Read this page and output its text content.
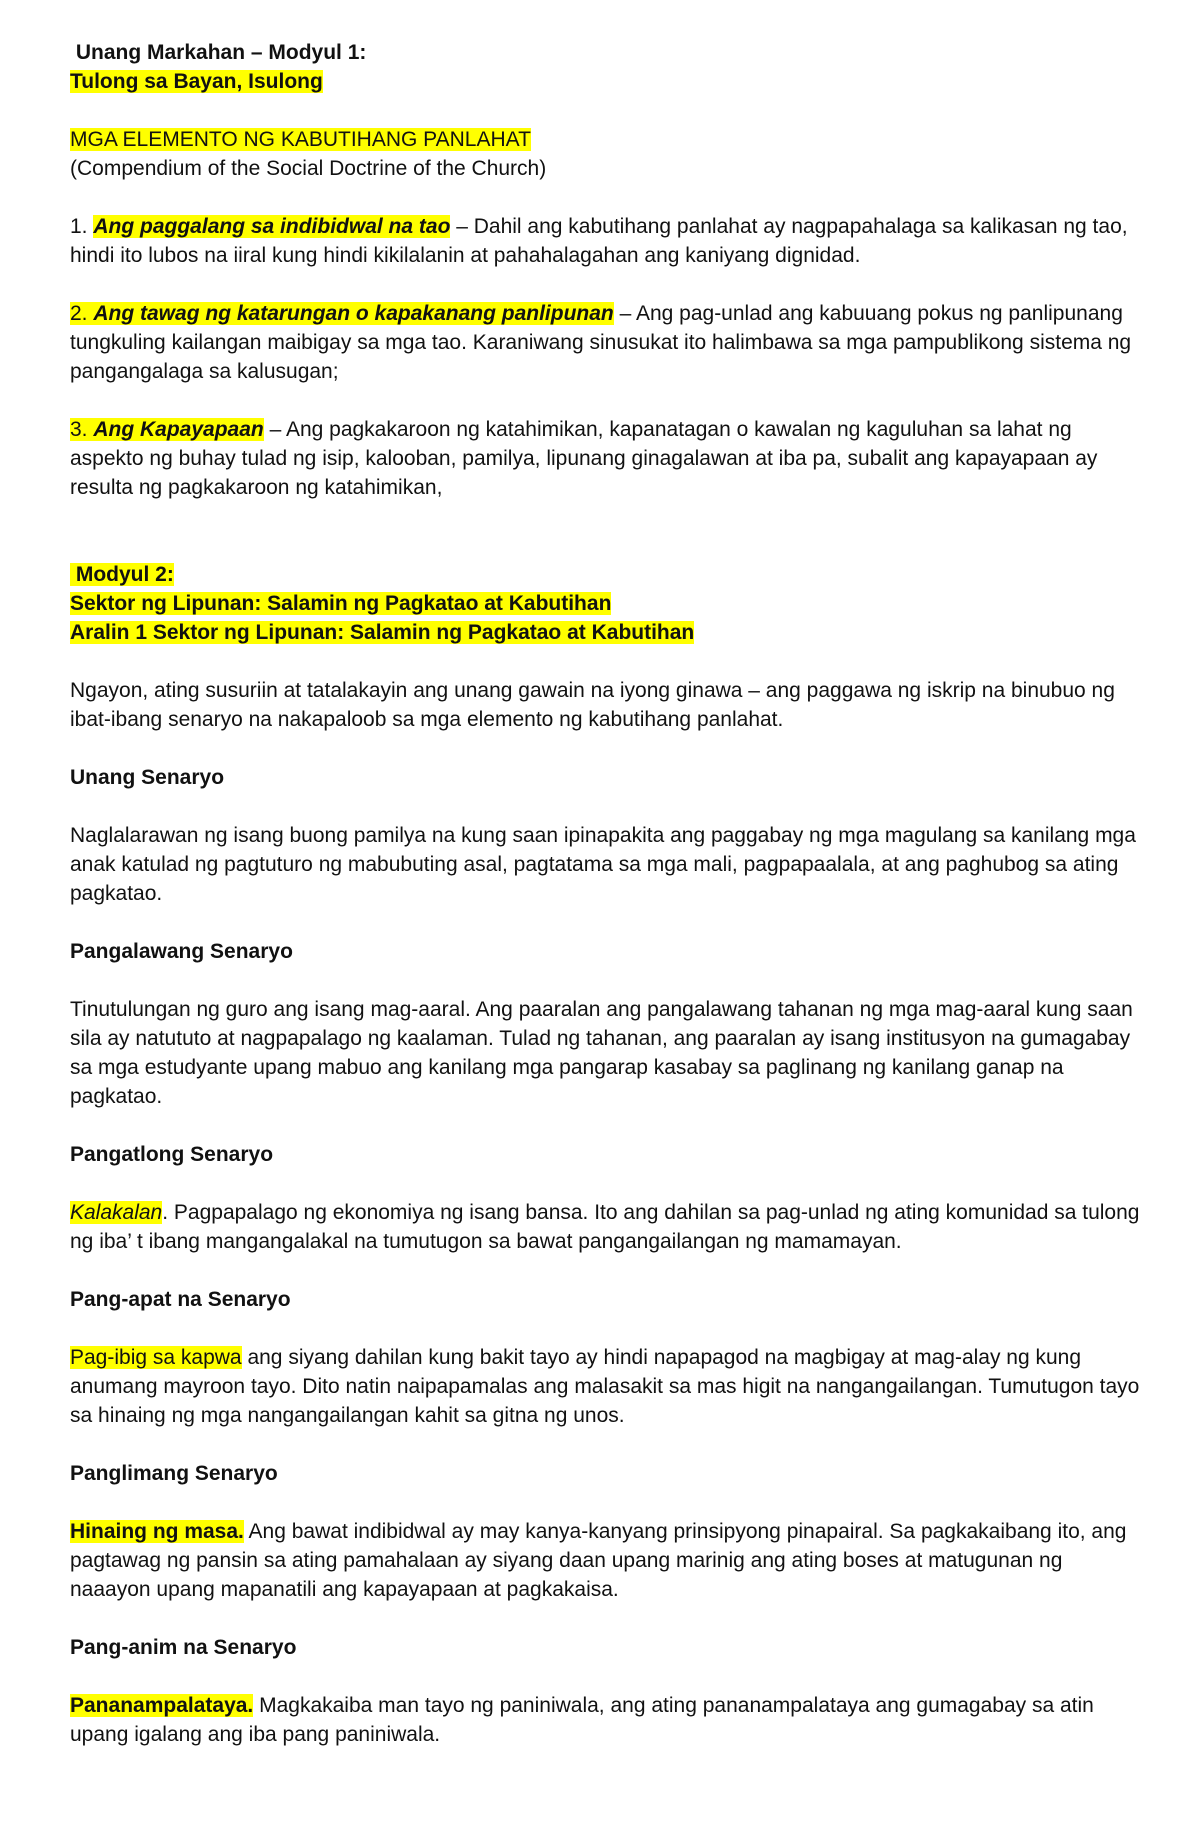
Unang Markahan – Modyul 1:

Tulong sa Bayan, Isulong

MGA ELEMENTO NG KABUTIHANG PANLAHAT

(Compendium of the Social Doctrine of the Church)

1. Ang paggalang sa indibidwal na tao – Dahil ang kabutihang panlahat ay nagpapahalaga sa kalikasan ng tao, hindi ito lubos na iiral kung hindi kikilalanin at pahahalagahan ang kaniyang dignidad.

2. Ang tawag ng katarungan o kapakanang panlipunan – Ang pag-unlad ang kabuuang pokus ng panlipunang tungkuling kailangan maibigay sa mga tao. Karaniwang sinusukat ito halimbawa sa mga pampublikong sistema ng pangangalaga sa kalusugan;

3. Ang Kapayapaan – Ang pagkakaroon ng katahimikan, kapanatagan o kawalan ng kaguluhan sa lahat ng aspekto ng buhay tulad ng isip, kalooban, pamilya, lipunang ginagalawan at iba pa, subalit ang kapayapaan ay resulta ng pagkakaroon ng katahimikan,

Modyul 2:

Sektor ng Lipunan: Salamin ng Pagkatao at Kabutihan

Aralin 1 Sektor ng Lipunan: Salamin ng Pagkatao at Kabutihan

Ngayon, ating susuriin at tatalakayin ang unang gawain na iyong ginawa – ang paggawa ng iskrip na binubuo ng ibat-ibang senaryo na nakapaloob sa mga elemento ng kabutihang panlahat.

Unang Senaryo

Naglalarawan ng isang buong pamilya na kung saan ipinapakita ang paggabay ng mga magulang sa kanilang mga anak katulad ng pagtuturo ng mabubuting asal, pagtatama sa mga mali, pagpapaalala, at ang paghubog sa ating pagkatao.

Pangalawang Senaryo

Tinutulungan ng guro ang isang mag-aaral. Ang paaralan ang pangalawang tahanan ng mga mag-aaral kung saan sila ay natututo at nagpapalago ng kaalaman. Tulad ng tahanan, ang paaralan ay isang institusyon na gumagabay sa mga estudyante upang mabuo ang kanilang mga pangarap kasabay sa paglinang ng kanilang ganap na pagkatao.

Pangatlong Senaryo

Kalakalan. Pagpapalago ng ekonomiya ng isang bansa. Ito ang dahilan sa pag-unlad ng ating komunidad sa tulong ng iba’ t ibang mangangalakal na tumutugon sa bawat pangangailangan ng mamamayan.

Pang-apat na Senaryo

Pag-ibig sa kapwa ang siyang dahilan kung bakit tayo ay hindi napapagod na magbigay at mag-alay ng kung anumang mayroon tayo. Dito natin naipapamalas ang malasakit sa mas higit na nangangailangan. Tumutugon tayo sa hinaing ng mga nangangailangan kahit sa gitna ng unos.

Panglimang Senaryo

Hinaing ng masa. Ang bawat indibidwal ay may kanya-kanyang prinsipyong pinapairal. Sa pagkakaibang ito, ang pagtawag ng pansin sa ating pamahalaan ay siyang daan upang marinig ang ating boses at matugunan ng naaayon upang mapanatili ang kapayapaan at pagkakaisa.

Pang-anim na Senaryo

Pananampalataya. Magkakaiba man tayo ng paniniwala, ang ating pananampalataya ang gumagabay sa atin upang igalang ang iba pang paniniwala.
